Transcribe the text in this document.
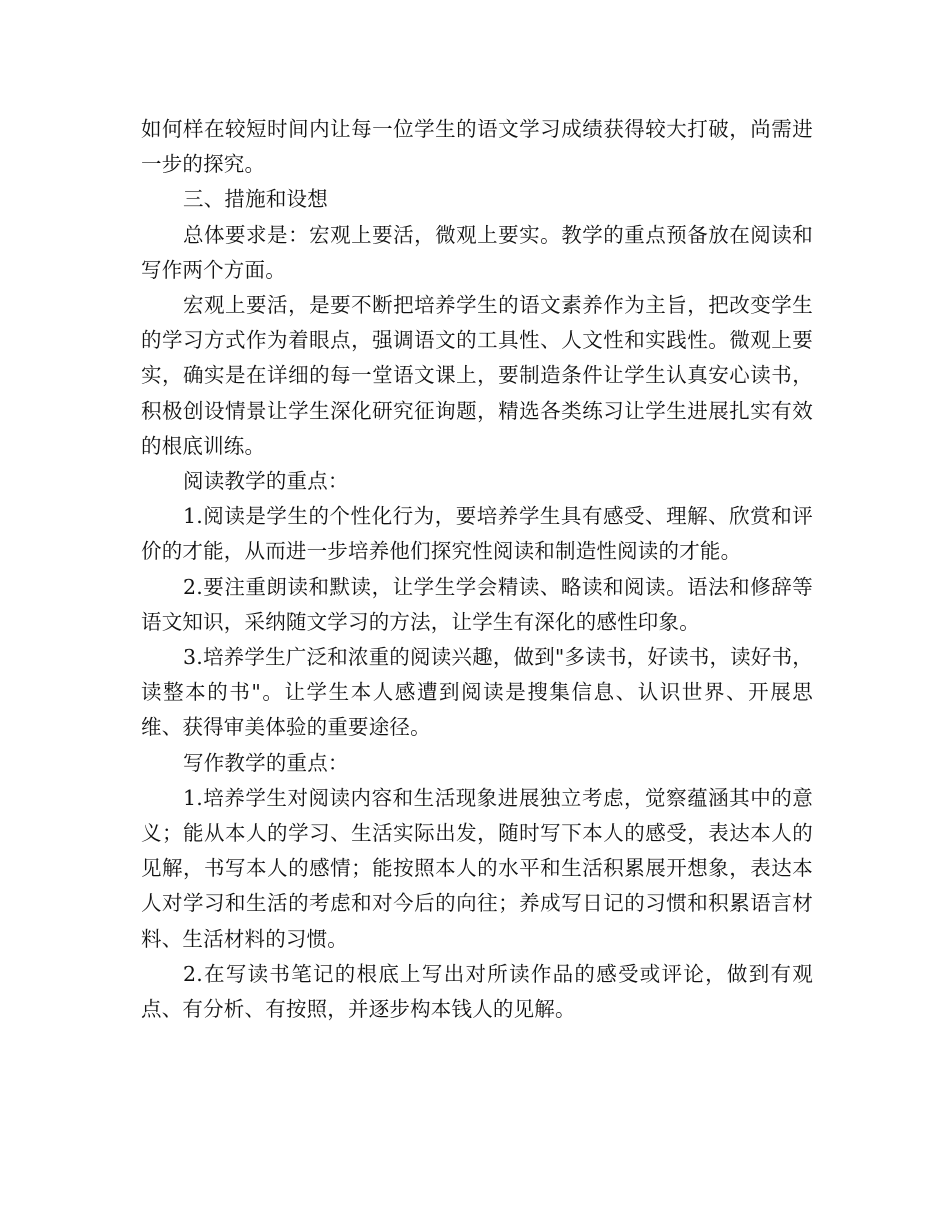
如何样在较短时间内让每一位学生的语文学习成绩获得较大打破，尚需进一步的探究。

三、措施和设想

总体要求是：宏观上要活，微观上要实。教学的重点预备放在阅读和写作两个方面。

宏观上要活，是要不断把培养学生的语文素养作为主旨，把改变学生的学习方式作为着眼点，强调语文的工具性、人文性和实践性。微观上要实，确实是在详细的每一堂语文课上，要制造条件让学生认真安心读书，积极创设情景让学生深化研究征询题，精选各类练习让学生进展扎实有效的根底训练。

阅读教学的重点：

1.阅读是学生的个性化行为，要培养学生具有感受、理解、欣赏和评价的才能，从而进一步培养他们探究性阅读和制造性阅读的才能。

2.要注重朗读和默读，让学生学会精读、略读和阅读。语法和修辞等语文知识，采纳随文学习的方法，让学生有深化的感性印象。

3.培养学生广泛和浓重的阅读兴趣，做到"多读书，好读书，读好书，读整本的书"。让学生本人感遭到阅读是搜集信息、认识世界、开展思维、获得审美体验的重要途径。

写作教学的重点：

1.培养学生对阅读内容和生活现象进展独立考虑，觉察蕴涵其中的意义；能从本人的学习、生活实际出发，随时写下本人的感受，表达本人的见解，书写本人的感情；能按照本人的水平和生活积累展开想象，表达本人对学习和生活的考虑和对今后的向往；养成写日记的习惯和积累语言材料、生活材料的习惯。

2.在写读书笔记的根底上写出对所读作品的感受或评论，做到有观点、有分析、有按照，并逐步构本钱人的见解。
